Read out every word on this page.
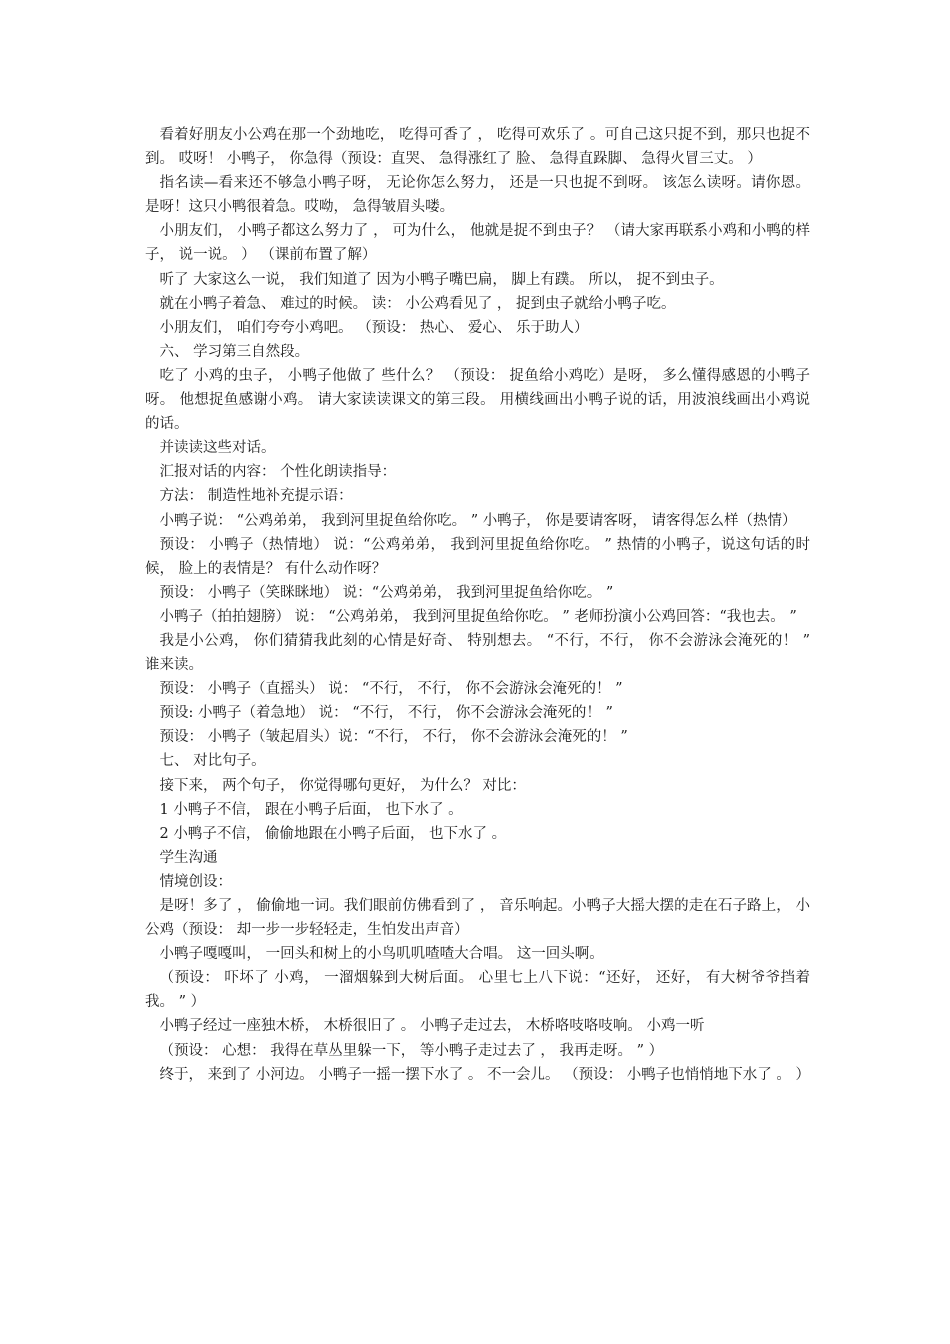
看着好朋友小公鸡在那一个劲地吃， 吃得可香了 ， 吃得可欢乐了 。可自己这只捉不到，那只也捉不到。 哎呀！ 小鸭子， 你急得（预设：直哭、 急得涨红了 脸、 急得直跺脚、 急得火冒三丈。 ）

指名读—看来还不够急小鸭子呀， 无论你怎么努力， 还是一只也捉不到呀。 该怎么读呀。请你恩。 是呀！这只小鸭很着急。哎呦， 急得皱眉头喽。

小朋友们， 小鸭子都这么努力了 ， 可为什么， 他就是捉不到虫子？ （请大家再联系小鸡和小鸭的样子， 说一说。 ） （课前布置了解）

听了 大家这么一说， 我们知道了 因为小鸭子嘴巴扁， 脚上有蹼。 所以， 捉不到虫子。

就在小鸭子着急、 难过的时候。 读： 小公鸡看见了 ， 捉到虫子就给小鸭子吃。

小朋友们， 咱们夸夸小鸡吧。 （预设： 热心、 爱心、 乐于助人）

六、 学习第三自然段。

吃了 小鸡的虫子， 小鸭子他做了 些什么？ （预设： 捉鱼给小鸡吃）是呀， 多么懂得感恩的小鸭子呀。 他想捉鱼感谢小鸡。 请大家读读课文的第三段。 用横线画出小鸭子说的话，用波浪线画出小鸡说的话。

并读读这些对话。

汇报对话的内容： 个性化朗读指导：

方法： 制造性地补充提示语：

小鸭子说： “公鸡弟弟， 我到河里捉鱼给你吃。 ” 小鸭子， 你是要请客呀， 请客得怎么样（热情）

预设： 小鸭子（热情地） 说：“公鸡弟弟， 我到河里捉鱼给你吃。 ” 热情的小鸭子，说这句话的时候， 脸上的表情是？ 有什么动作呀？

预设： 小鸭子（笑眯眯地） 说：“公鸡弟弟， 我到河里捉鱼给你吃。 ”

小鸭子（拍拍翅膀） 说： “公鸡弟弟， 我到河里捉鱼给你吃。 ” 老师扮演小公鸡回答：“我也去。 ”

我是小公鸡， 你们猜猜我此刻的心情是好奇、 特别想去。 “不行，不行， 你不会游泳会淹死的！ ” 谁来读。

预设： 小鸭子（直摇头） 说： “不行， 不行， 你不会游泳会淹死的！ ”

预设: 小鸭子（着急地） 说： “不行， 不行， 你不会游泳会淹死的！ ”

预设： 小鸭子（皱起眉头）说：“不行， 不行， 你不会游泳会淹死的！ ”

七、 对比句子。

接下来， 两个句子， 你觉得哪句更好， 为什么？ 对比：

1 小鸭子不信， 跟在小鸭子后面， 也下水了 。

2 小鸭子不信， 偷偷地跟在小鸭子后面， 也下水了 。

学生沟通

情境创设：

是呀！多了 ， 偷偷地一词。我们眼前仿佛看到了 ， 音乐响起。小鸭子大摇大摆的走在石子路上， 小公鸡（预设： 却一步一步轻轻走，生怕发出声音）

小鸭子嘎嘎叫， 一回头和树上的小鸟叽叽喳喳大合唱。 这一回头啊。

（预设： 吓坏了 小鸡， 一溜烟躲到大树后面。 心里七上八下说：“还好， 还好， 有大树爷爷挡着我。 ” ）

小鸭子经过一座独木桥， 木桥很旧了 。 小鸭子走过去， 木桥咯吱咯吱响。 小鸡一听

（预设： 心想： 我得在草丛里躲一下， 等小鸭子走过去了 ， 我再走呀。 ” ）

终于， 来到了 小河边。 小鸭子一摇一摆下水了 。 不一会儿。 （预设： 小鸭子也悄悄地下水了 。 ）
